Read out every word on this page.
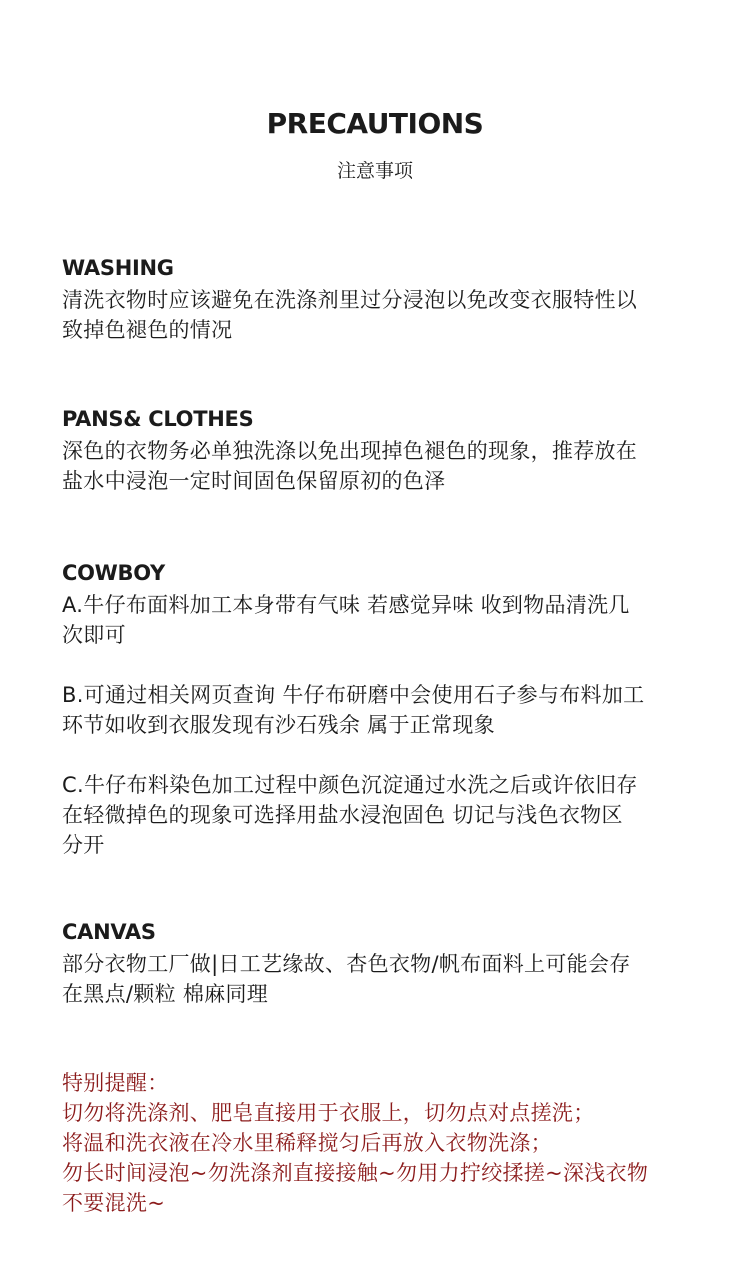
PRECAUTIONS
注意事项
WASHING
清洗衣物时应该避免在洗涤剂里过分浸泡以免改变衣服特性以
致掉色褪色的情况
PANS& CLOTHES
深色的衣物务必单独洗涤以免出现掉色褪色的现象，推荐放在
盐水中浸泡一定时间固色保留原初的色泽
COWBOY
A.牛仔布面料加工本身带有气味 若感觉异味 收到物品清洗几
次即可
B.可通过相关网页查询 牛仔布研磨中会使用石子参与布料加工
环节如收到衣服发现有沙石残余 属于正常现象
C.牛仔布料染色加工过程中颜色沉淀通过水洗之后或许依旧存
在轻微掉色的现象可选择用盐水浸泡固色 切记与浅色衣物区
分开
CANVAS
部分衣物工厂做|日工艺缘故、杏色衣物/帆布面料上可能会存
在黑点/颗粒 棉麻同理
特别提醒：
切勿将洗涤剂、肥皂直接用于衣服上，切勿点对点搓洗；
将温和洗衣液在冷水里稀释搅匀后再放入衣物洗涤；
勿长时间浸泡~勿洗涤剂直接接触~勿用力拧绞揉搓~深浅衣物
不要混洗~
